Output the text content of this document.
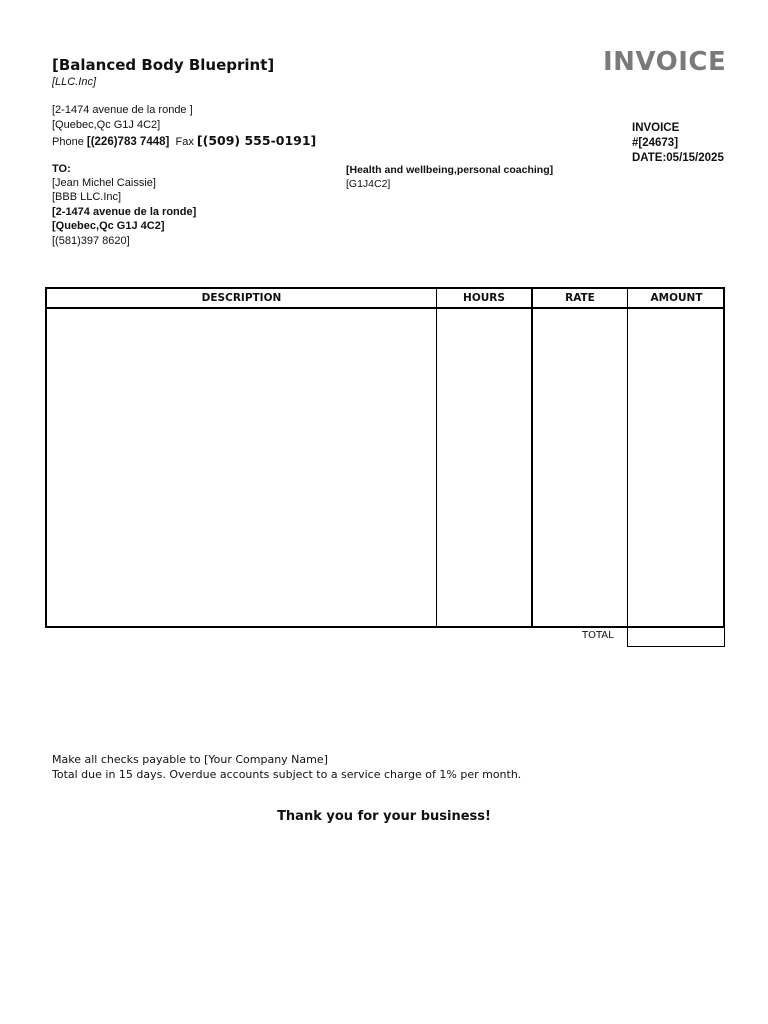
[Balanced Body Blueprint]
[LLC.Inc]
[2-1474 avenue de la ronde ]
[Quebec,Qc G1J 4C2]
Phone [(226)783 7448] Fax [(509) 555-0191]
INVOICE
INVOICE
#[24673]
DATE:05/15/2025
TO:
[Jean Michel Caissie]
[BBB LLC.Inc]
[2-1474 avenue de la ronde]
[Quebec,Qc G1J 4C2]
[(581)397 8620]
[Health and wellbeing,personal coaching]
[G1J4C2]
DESCRIPTION	HOURS	RATE	AMOUNT
TOTAL
Make all checks payable to [Your Company Name]
Total due in 15 days. Overdue accounts subject to a service charge of 1% per month.
Thank you for your business!
